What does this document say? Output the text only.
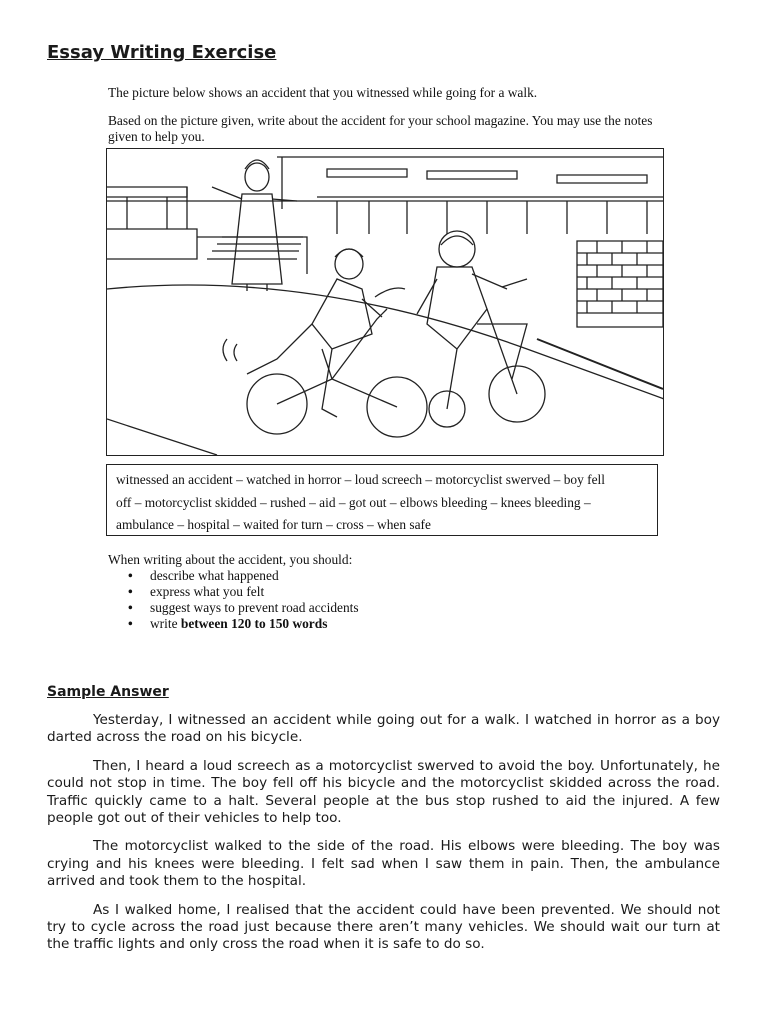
Essay Writing Exercise

The picture below shows an accident that you witnessed while going for a walk.

Based on the picture given, write about the accident for your school magazine. You may use the notes given to help you.

witnessed an accident – watched in horror – loud screech – motorcyclist swerved – boy fell
off – motorcyclist skidded – rushed – aid – got out – elbows bleeding – knees bleeding –
ambulance – hospital – waited for turn – cross – when safe

When writing about the accident, you should:

• describe what happened
• express what you felt
• suggest ways to prevent road accidents
• write between 120 to 150 words
Sample Answer

Yesterday, I witnessed an accident while going out for a walk. I watched in horror as a boy darted across the road on his bicycle.

Then, I heard a loud screech as a motorcyclist swerved to avoid the boy. Unfortunately, he could not stop in time. The boy fell off his bicycle and the motorcyclist skidded across the road. Traffic quickly came to a halt. Several people at the bus stop rushed to aid the injured. A few people got out of their vehicles to help too.

The motorcyclist walked to the side of the road. His elbows were bleeding. The boy was crying and his knees were bleeding. I felt sad when I saw them in pain. Then, the ambulance arrived and took them to the hospital.

As I walked home, I realised that the accident could have been prevented. We should not try to cycle across the road just because there aren’t many vehicles. We should wait our turn at the traffic lights and only cross the road when it is safe to do so.
